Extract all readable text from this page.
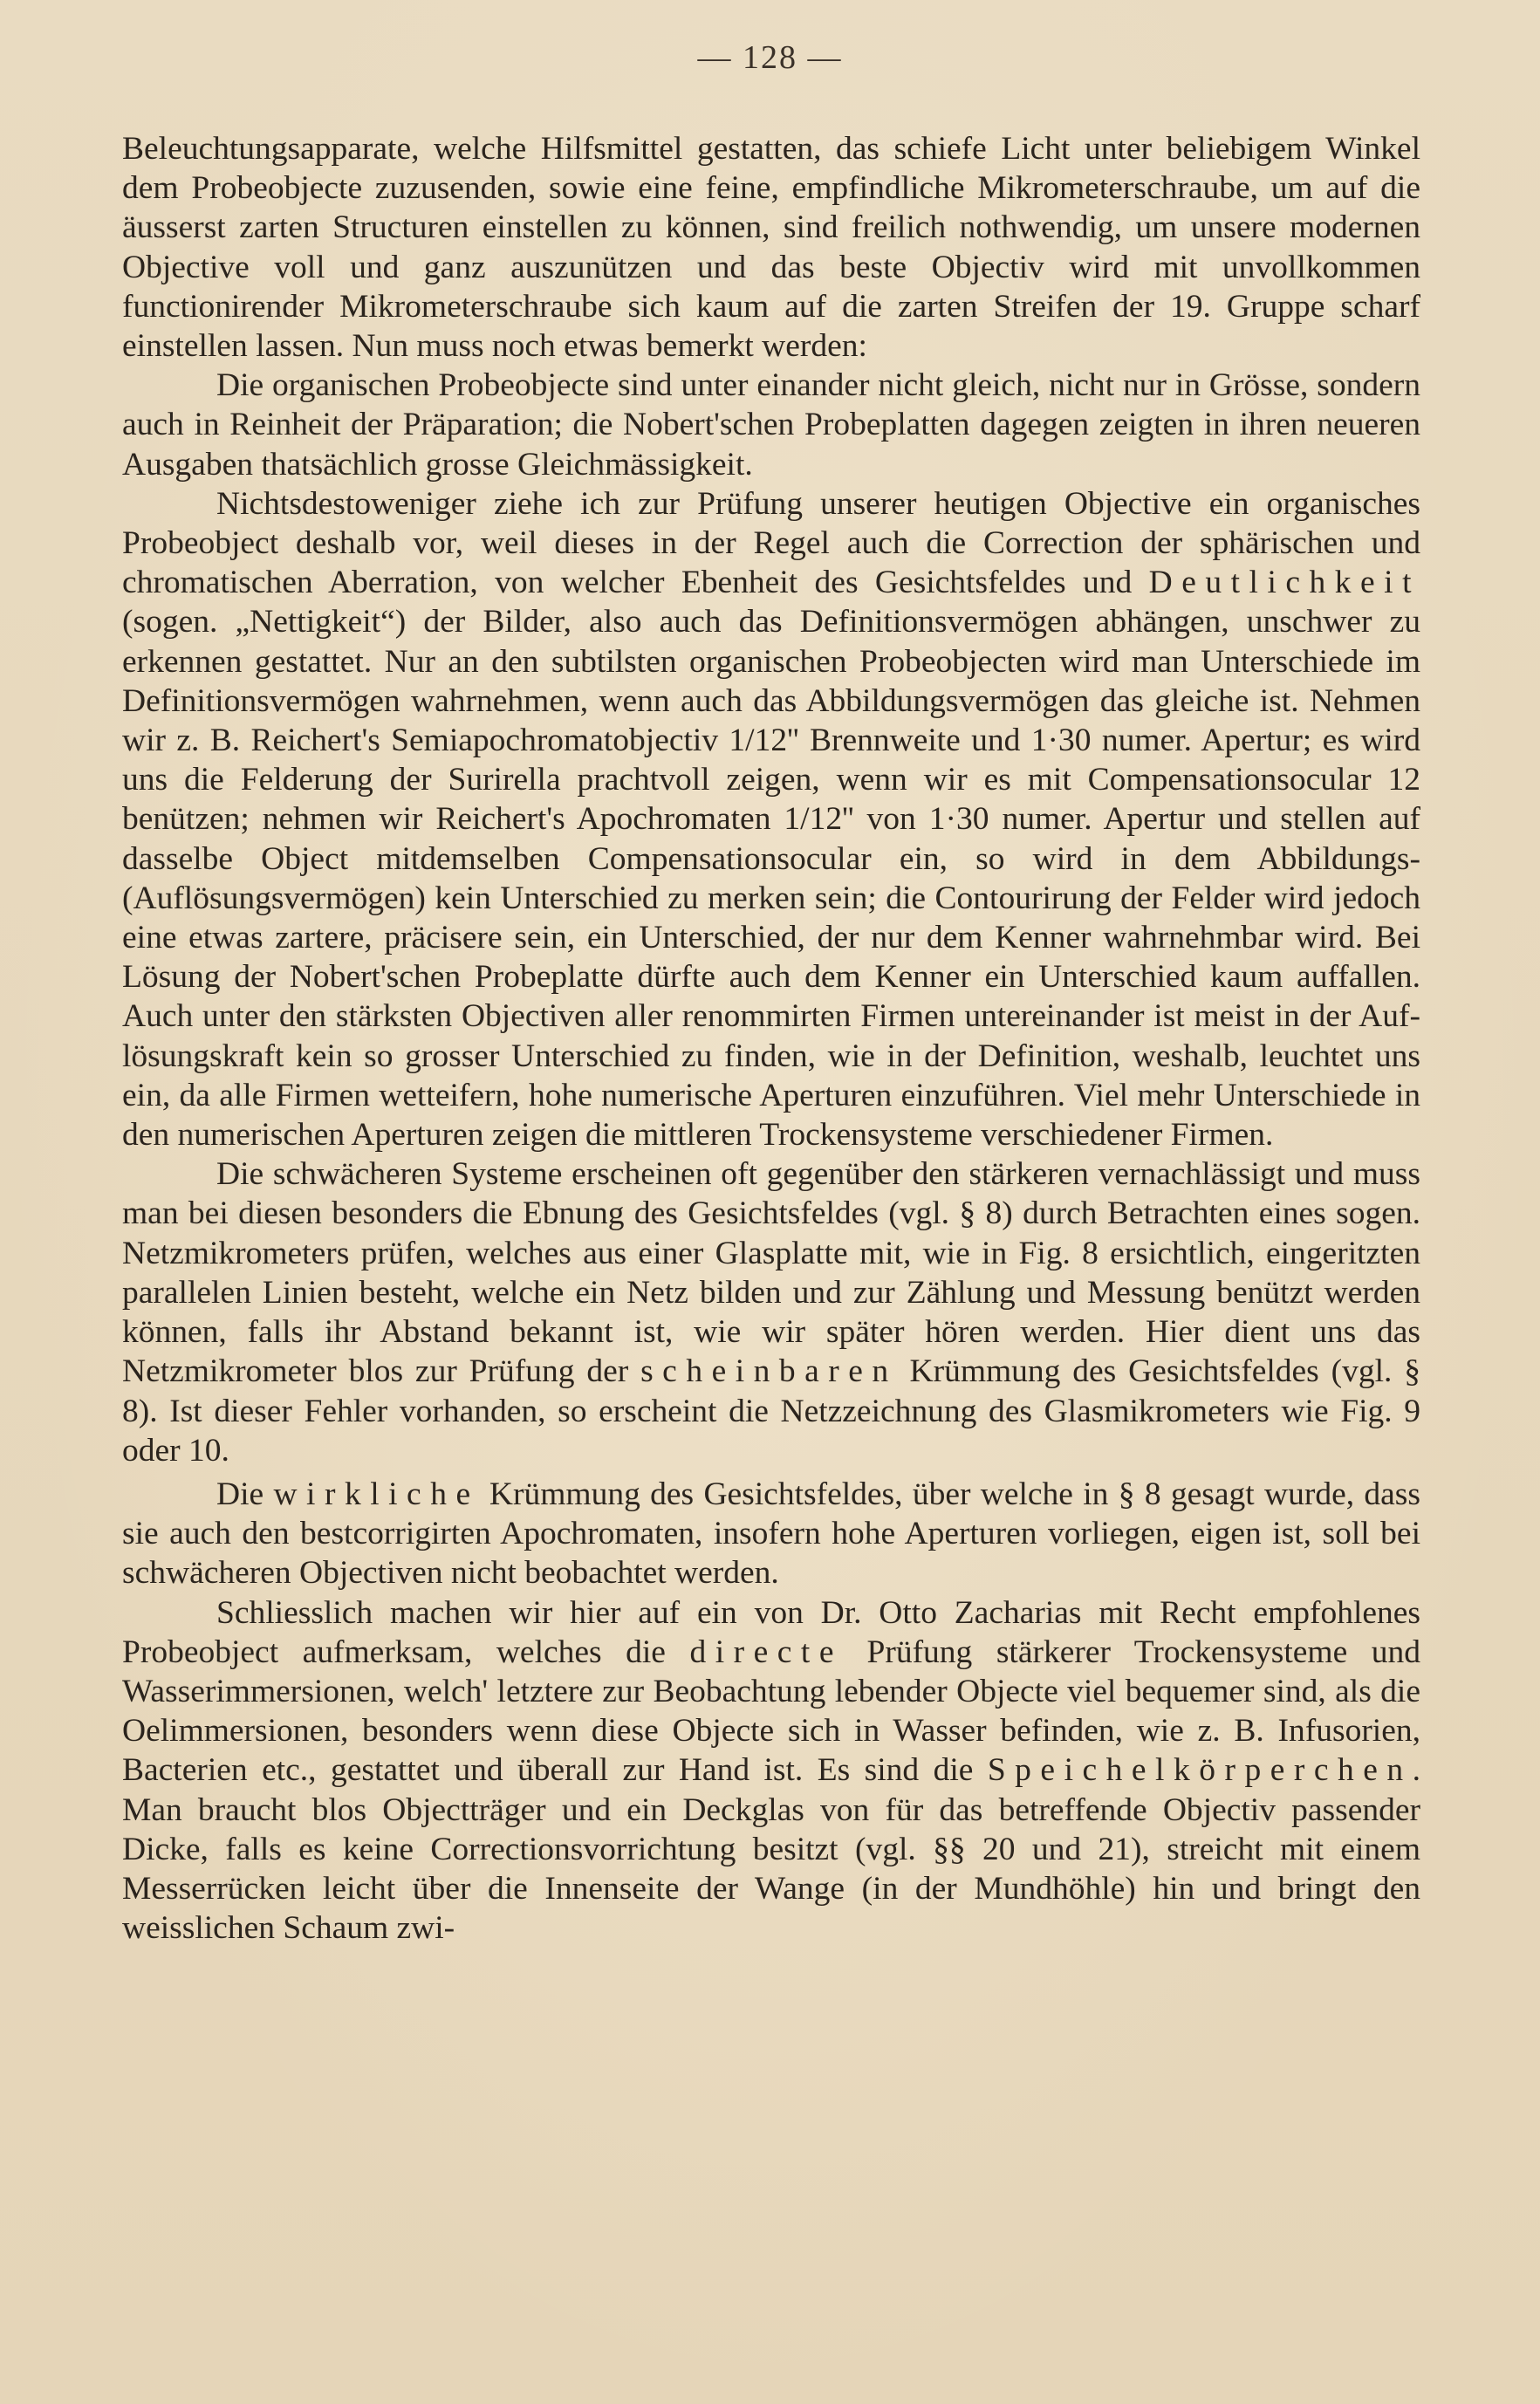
— 128 —

Beleuchtungsapparate, welche Hilfsmittel gestatten, das schiefe Licht unter beliebigem Winkel dem Probeobjecte zuzusenden, sowie eine feine, empfindliche Mikrometerschraube, um auf die äusserst zarten Structuren einstellen zu können, sind freilich nothwendig, um unsere modernen Objective voll und ganz auszunützen und das beste Objectiv wird mit unvollkommen functionirender Mikrometerschraube sich kaum auf die zarten Streifen der 19. Gruppe scharf einstellen lassen. Nun muss noch etwas bemerkt werden:

Die organischen Probeobjecte sind unter einander nicht gleich, nicht nur in Grösse, sondern auch in Reinheit der Präparation; die Nobert'schen Probeplatten dagegen zeigten in ihren neueren Ausgaben thatsächlich grosse Gleichmässigkeit.

Nichtsdestoweniger ziehe ich zur Prüfung unserer heutigen Objective ein organisches Probeobject deshalb vor, weil dieses in der Regel auch die Correction der sphärischen und chromatischen Aberration, von welcher Ebenheit des Gesichtsfeldes und Deutlichkeit (sogen. „Nettigkeit“) der Bilder, also auch das Definitionsvermögen abhängen, unschwer zu erkennen gestattet. Nur an den subtilsten organischen Probeobjecten wird man Unterschiede im Definitionsvermögen wahrnehmen, wenn auch das Abbildungsvermögen das gleiche ist. Nehmen wir z. B. Reichert's Semiapochromatobjectiv 1/12'' Brennweite und 1·30 numer. Apertur; es wird uns die Felderung der Surirella prachtvoll zeigen, wenn wir es mit Compensationsocular 12 benützen; nehmen wir Reichert's Apochromaten 1/12'' von 1·30 numer. Apertur und stellen auf dasselbe Object mitdemselben Compensationsocular ein, so wird in dem Abbildungs- (Auflösungsvermögen) kein Unterschied zu merken sein; die Contourirung der Felder wird jedoch eine etwas zartere, präcisere sein, ein Unterschied, der nur dem Kenner wahrnehmbar wird. Bei Lösung der Nobert'schen Probeplatte dürfte auch dem Kenner ein Unterschied kaum auffallen. Auch unter den stärksten Objectiven aller renommirten Firmen untereinander ist meist in der Auflösungskraft kein so grosser Unterschied zu finden, wie in der Definition, weshalb, leuchtet uns ein, da alle Firmen wetteifern, hohe numerische Aperturen einzuführen. Viel mehr Unterschiede in den numerischen Aperturen zeigen die mittleren Trockensysteme verschiedener Firmen.

Die schwächeren Systeme erscheinen oft gegenüber den stärkeren vernachlässigt und muss man bei diesen besonders die Ebnung des Gesichtsfeldes (vgl. § 8) durch Betrachten eines sogen. Netzmikrometers prüfen, welches aus einer Glasplatte mit, wie in Fig. 8 ersichtlich, eingeritzten parallelen Linien besteht, welche ein Netz bilden und zur Zählung und Messung benützt werden können, falls ihr Abstand bekannt ist, wie wir später hören werden. Hier dient uns das Netzmikrometer blos zur Prüfung der scheinbaren Krümmung des Gesichtsfeldes (vgl. § 8). Ist dieser Fehler vorhanden, so erscheint die Netzzeichnung des Glasmikrometers wie Fig. 9 oder 10.

Die wirkliche Krümmung des Gesichtsfeldes, über welche in § 8 gesagt wurde, dass sie auch den bestcorrigirten Apochromaten, insofern hohe Aperturen vorliegen, eigen ist, soll bei schwächeren Objectiven nicht beobachtet werden.

Schliesslich machen wir hier auf ein von Dr. Otto Zacharias mit Recht empfohlenes Probeobject aufmerksam, welches die directe Prüfung stärkerer Trockensysteme und Wasserimmersionen, welch' letztere zur Beobachtung lebender Objecte viel bequemer sind, als die Oelimmersionen, besonders wenn diese Objecte sich in Wasser befinden, wie z. B. Infusorien, Bacterien etc., gestattet und überall zur Hand ist. Es sind die Speichelkörperchen. Man braucht blos Objectträger und ein Deckglas von für das betreffende Objectiv passender Dicke, falls es keine Correctionsvorrichtung besitzt (vgl. §§ 20 und 21), streicht mit einem Messerrücken leicht über die Innenseite der Wange (in der Mundhöhle) hin und bringt den weisslichen Schaum zwi-
